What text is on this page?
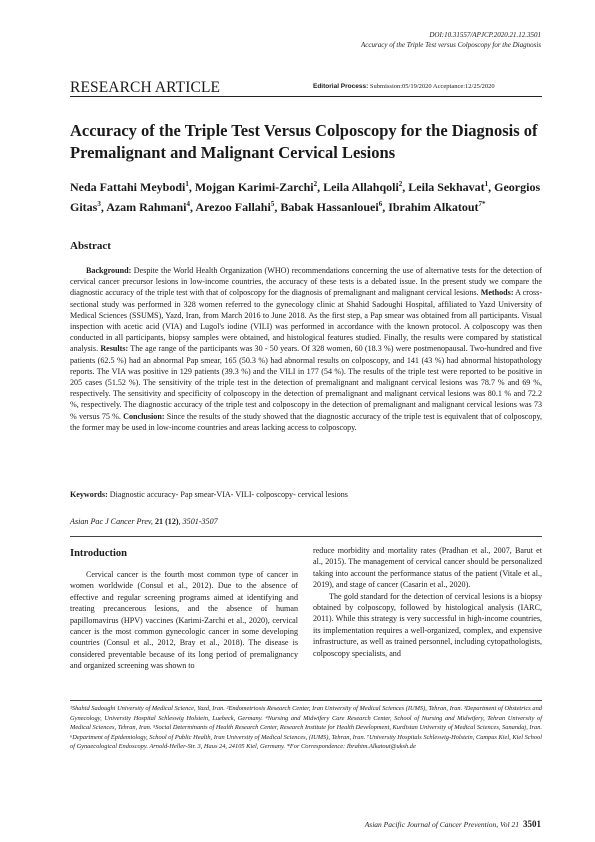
DOI:10.31557/APJCP.2020.21.12.3501
Accuracy of the Triple Test versus Colposcopy for the Diagnosis
RESEARCH ARTICLE	Editorial Process: Submission:05/19/2020 Acceptance:12/25/2020
Accuracy of the Triple Test Versus Colposcopy for the Diagnosis of Premalignant and Malignant Cervical Lesions
Neda Fattahi Meybodi$^1$, Mojgan Karimi-Zarchi$^2$, Leila Allahqoli$^2$, Leila Sekhavat$^1$, Georgios Gitas$^3$, Azam Rahmani$^4$, Arezoo Fallahi$^5$, Babak Hassanlouei$^6$, Ibrahim Alkatout$^{7*}$
Abstract
Background: Despite the World Health Organization (WHO) recommendations concerning the use of alternative tests for the detection of cervical cancer precursor lesions in low-income countries, the accuracy of these tests is a debated issue. In the present study we compare the diagnostic accuracy of the triple test with that of colposcopy for the diagnosis of premalignant and malignant cervical lesions. Methods: A cross-sectional study was performed in 328 women referred to the gynecology clinic at Shahid Sadoughi Hospital, affiliated to Yazd University of Medical Sciences (SSUMS), Yazd, Iran, from March 2016 to June 2018. As the first step, a Pap smear was obtained from all participants. Visual inspection with acetic acid (VIA) and Lugol's iodine (VILI) was performed in accordance with the known protocol. A colposcopy was then conducted in all participants, biopsy samples were obtained, and histological features studied. Finally, the results were compared by statistical analysis. Results: The age range of the participants was 30 - 50 years. Of 328 women, 60 (18.3 %) were postmenopausal. Two-hundred and five patients (62.5 %) had an abnormal Pap smear, 165 (50.3 %) had abnormal results on colposcopy, and 141 (43 %) had abnormal histopathology reports. The VIA was positive in 129 patients (39.3 %) and the VILI in 177 (54 %). The results of the triple test were reported to be positive in 205 cases (51.52 %). The sensitivity of the triple test in the detection of premalignant and malignant cervical lesions was 78.7 % and 69 %, respectively. The sensitivity and specificity of colposcopy in the detection of premalignant and malignant cervical lesions was 80.1 % and 72.2 %, respectively. The diagnostic accuracy of the triple test and colposcopy in the detection of premalignant and malignant cervical lesions was 73 % versus 75 %. Conclusion: Since the results of the study showed that the diagnostic accuracy of the triple test is equivalent that of colposcopy, the former may be used in low-income countries and areas lacking access to colposcopy.
Keywords: Diagnostic accuracy- Pap smear-VIA- VILI- colposcopy- cervical lesions
Asian Pac J Cancer Prev, 21 (12), 3501-3507
Introduction

Cervical cancer is the fourth most common type of cancer in women worldwide (Consul et al., 2012). Due to the absence of effective and regular screening programs aimed at identifying and treating precancerous lesions, and the absence of human papillomavirus (HPV) vaccines (Karimi-Zarchi et al., 2020), cervical cancer is the most common gynecologic cancer in some developing countries (Consul et al., 2012, Bray et al., 2018). The disease is considered preventable because of its long period of premalignancy and organized screening was shown to

reduce morbidity and mortality rates (Pradhan et al., 2007, Barut et al., 2015). The management of cervical cancer should be personalized taking into account the performance status of the patient (Vitale et al., 2019), and stage of cancer (Casarin et al., 2020).

The gold standard for the detection of cervical lesions is a biopsy obtained by colposcopy, followed by histological analysis (IARC, 2011). While this strategy is very successful in high-income countries, its implementation requires a well-organized, complex, and expensive infrastructure, as well as trained personnel, including cytopathologists, colposcopy specialists, and

¹Shahid Sadoughi University of Medical Science, Yazd, Iran. ²Endometriosis Research Center, Iran University of Medical Sciences (IUMS), Tehran, Iran. ³Department of Obstetrics and Gynecology, University Hospital Schleswig Holstein, Luebeck, Germany. ⁴Nursing and Midwifery Care Research Center, School of Nursing and Midwifery, Tehran University of Medical Sciences, Tehran, Iran. ⁵Social Determinants of Health Research Center, Research Institute for Health Development, Kurdistan University of Medical Sciences, Sanandaj, Iran. ⁶Department of Epidemiology, School of Public Health, Iran University of Medical Sciences, (IUMS), Tehran, Iran. ⁷University Hospitals Schleswig-Holstein, Campus Kiel, Kiel School of Gynaecological Endoscopy. Arnold-Heller-Str. 3, Haus 24, 24105 Kiel, Germany. *For Correspondence: Ibrahim.Alkatout@uksh.de
Asian Pacific Journal of Cancer Prevention, Vol 21 3501
